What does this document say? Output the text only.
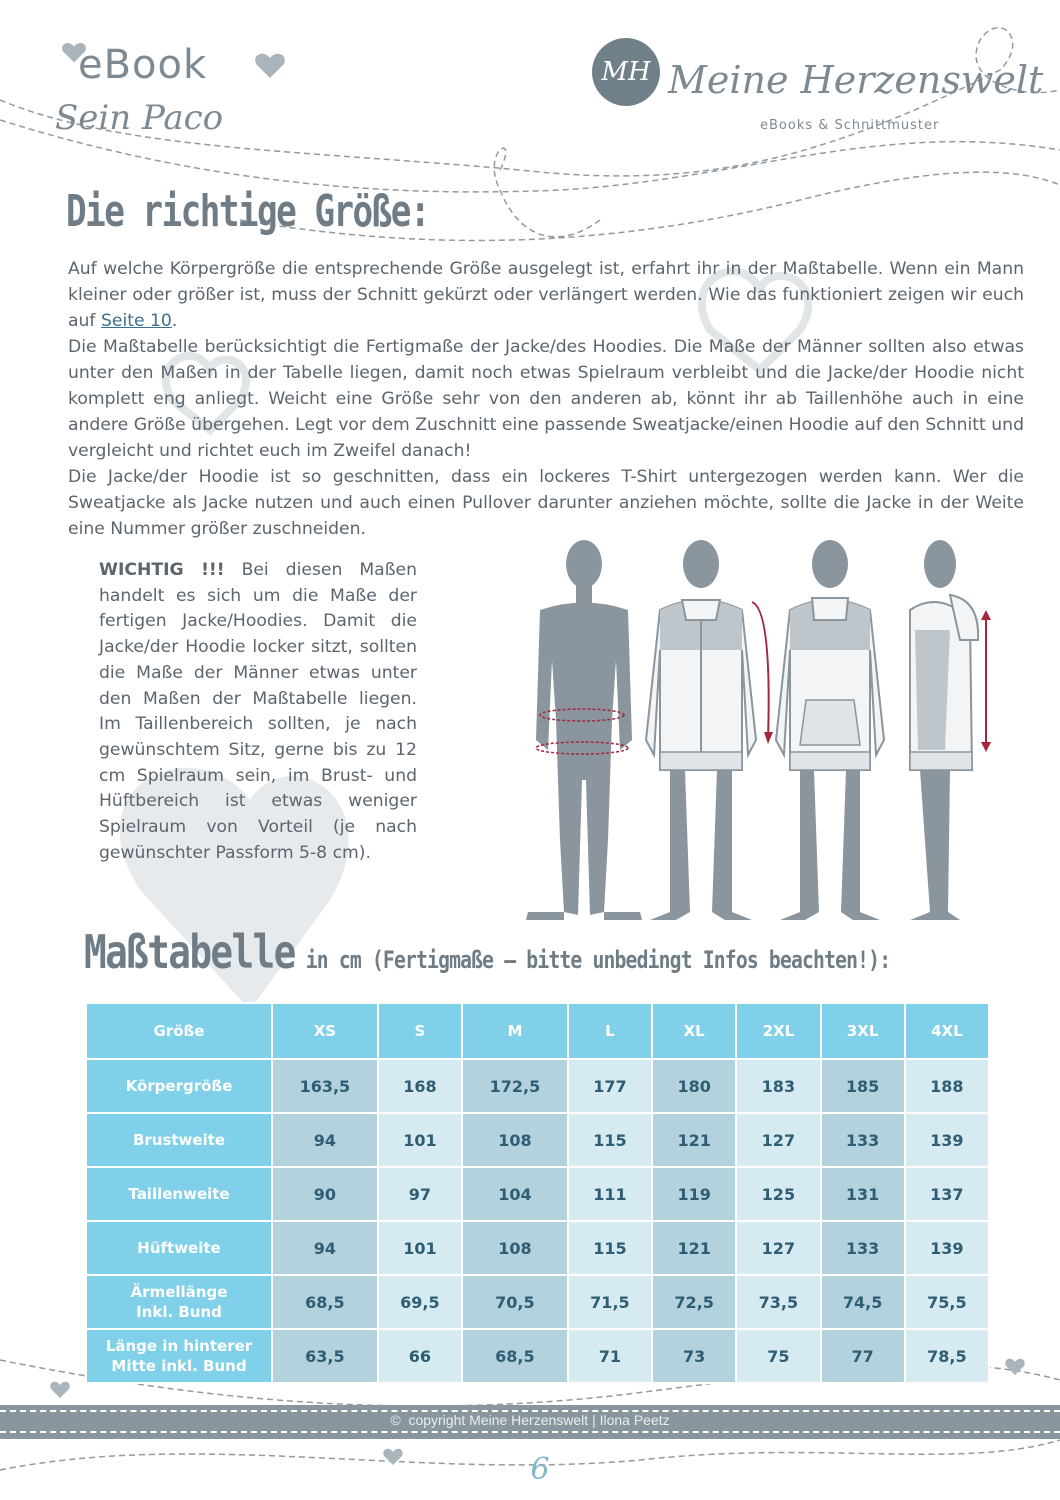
eBook
Sein Paco
MH Meine Herzenswelt
eBooks & Schnittmuster
Die richtige Größe:

Auf welche Körpergröße die entsprechende Größe ausgelegt ist, erfahrt ihr in der Maßtabelle. Wenn ein Mann kleiner oder größer ist, muss der Schnitt gekürzt oder verlängert werden. Wie das funktioniert zeigen wir euch auf Seite 10.

Die Maßtabelle berücksichtigt die Fertigmaße der Jacke/des Hoodies. Die Maße der Männer sollten also etwas unter den Maßen in der Tabelle liegen, damit noch etwas Spielraum verbleibt und die Jacke/der Hoodie nicht komplett eng anliegt. Weicht eine Größe sehr von den anderen ab, könnt ihr ab Taillenhöhe auch in eine andere Größe übergehen. Legt vor dem Zuschnitt eine passende Sweatjacke/einen Hoodie auf den Schnitt und vergleicht und richtet euch im Zweifel danach!

Die Jacke/der Hoodie ist so geschnitten, dass ein lockeres T-Shirt untergezogen werden kann. Wer die Sweatjacke als Jacke nutzen und auch einen Pullover darunter anziehen möchte, sollte die Jacke in der Weite eine Nummer größer zuschneiden.

WICHTIG !!! Bei diesen Maßen handelt es sich um die Maße der fertigen Jacke/Hoodies. Damit die Jacke/der Hoodie locker sitzt, sollten die Maße der Männer etwas unter den Maßen der Maßtabelle liegen. Im Taillenbereich sollten, je nach gewünschtem Sitz, gerne bis zu 12 cm Spielraum sein, im Brust- und Hüftbereich ist etwas weniger Spielraum von Vorteil (je nach gewünschter Passform 5-8 cm).
Maßtabelle in cm (Fertigmaße – bitte unbedingt Infos beachten!):
Größe	XS	S	M	L	XL	2XL	3XL	4XL
Körpergröße	163,5	168	172,5	177	180	183	185	188
Brustweite	94	101	108	115	121	127	133	139
Taillenweite	90	97	104	111	119	125	131	137
Hüftweite	94	101	108	115	121	127	133	139
Ärmellänge
Inkl. Bund	68,5	69,5	70,5	71,5	72,5	73,5	74,5	75,5
Länge in hinterer
Mitte inkl. Bund	63,5	66	68,5	71	73	75	77	78,5
©  copyright Meine Herzenswelt | Ilona Peetz
6
